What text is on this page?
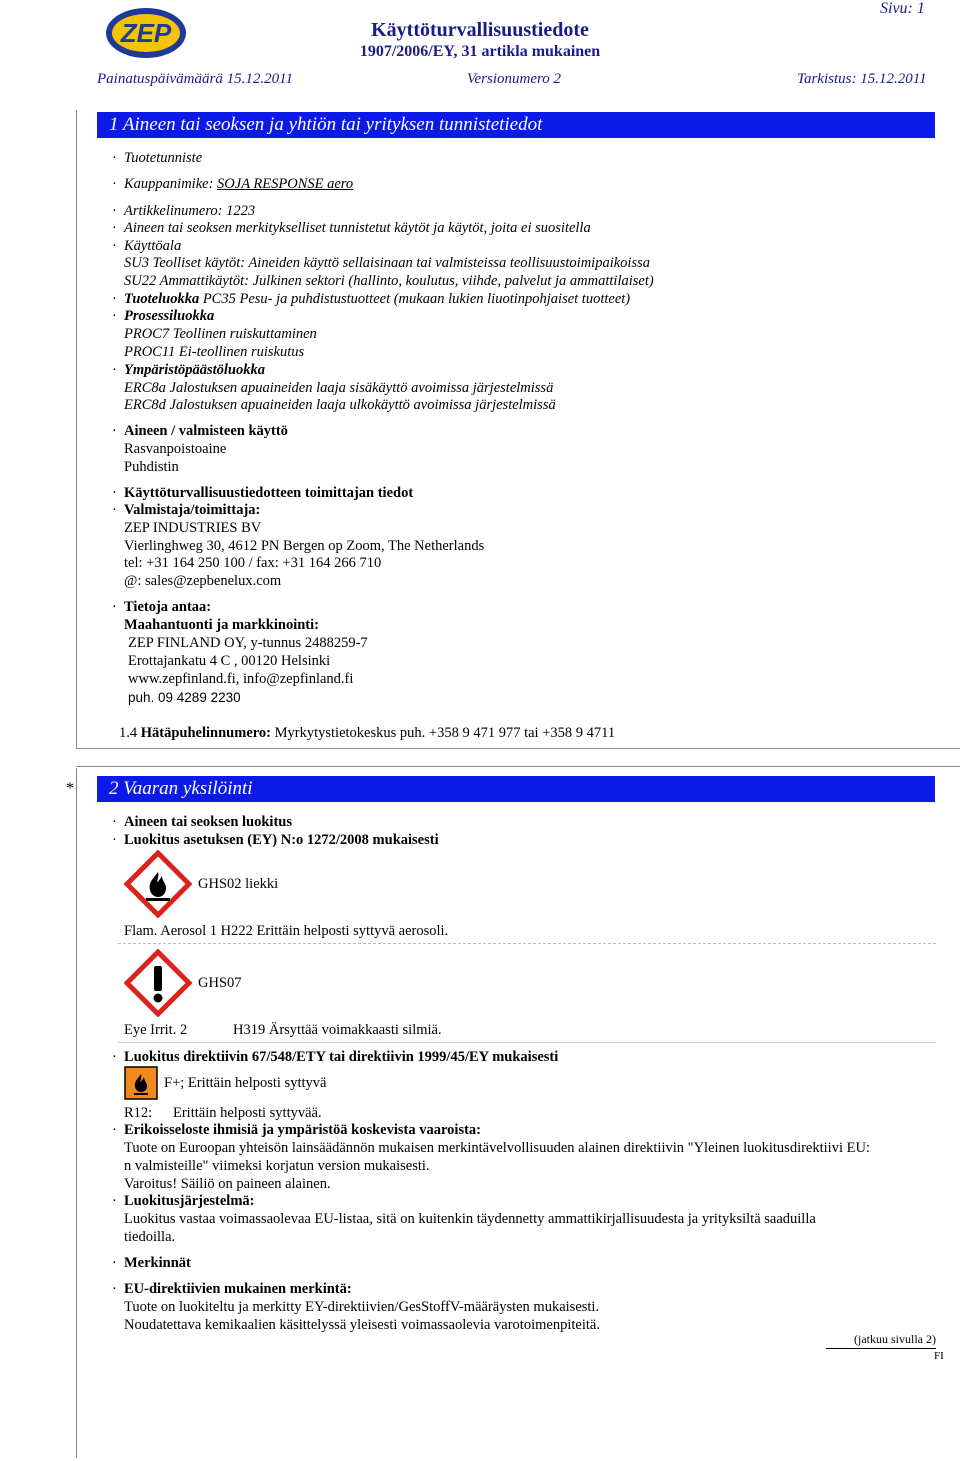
ZEP	Käyttöturvallisuustiedote
1907/2006/EY, 31 artikla mukainen
Sivu: 1
Painatuspäivämäärä 15.12.2011	Versionumero 2	Tarkistus: 15.12.2011
1 Aineen tai seoksen ja yhtiön tai yrityksen tunnistetiedot
· Tuotetunniste
· Kauppanimike: SOJA RESPONSE aero
· Artikkelinumero: 1223
· Aineen tai seoksen merkitykselliset tunnistetut käytöt ja käytöt, joita ei suositella
· Käyttöala
SU3 Teolliset käytöt: Aineiden käyttö sellaisinaan tai valmisteissa teollisuustoimipaikoissa
SU22 Ammattikäytöt: Julkinen sektori (hallinto, koulutus, viihde, palvelut ja ammattilaiset)
· Tuoteluokka PC35 Pesu- ja puhdistustuotteet (mukaan lukien liuotinpohjaiset tuotteet)
· Prosessiluokka
PROC7 Teollinen ruiskuttaminen
PROC11 Ei-teollinen ruiskutus
· Ympäristöpäästöluokka
ERC8a Jalostuksen apuaineiden laaja sisäkäyttö avoimissa järjestelmissä
ERC8d Jalostuksen apuaineiden laaja ulkokäyttö avoimissa järjestelmissä
· Aineen / valmisteen käyttö
Rasvanpoistoaine
Puhdistin
· Käyttöturvallisuustiedotteen toimittajan tiedot
· Valmistaja/toimittaja:
ZEP INDUSTRIES BV
Vierlinghweg 30, 4612 PN Bergen op Zoom, The Netherlands
tel: +31 164 250 100 / fax: +31 164 266 710
@: sales@zepbenelux.com
· Tietoja antaa:
Maahantuonti ja markkinointi:
ZEP FINLAND OY, y-tunnus 2488259-7
Erottajankatu 4 C , 00120 Helsinki
www.zepfinland.fi, info@zepfinland.fi
puh. 09 4289 2230
1.4 Hätäpuhelinnumero: Myrkytystietokeskus puh. +358 9 471 977 tai +358 9 4711
*	2 Vaaran yksilöinti
· Aineen tai seoksen luokitus
· Luokitus asetuksen (EY) N:o 1272/2008 mukaisesti
GHS02 liekki
Flam. Aerosol 1 H222 Erittäin helposti syttyvä aerosoli.
GHS07
Eye Irrit. 2	H319 Ärsyttää voimakkaasti silmiä.
· Luokitus direktiivin 67/548/ETY tai direktiivin 1999/45/EY mukaisesti
F+; Erittäin helposti syttyvä
R12: Erittäin helposti syttyvää.
· Erikoisseloste ihmisiä ja ympäristöä koskevista vaaroista:
Tuote on Euroopan yhteisön lainsäädännön mukaisen merkintävelvollisuuden alainen direktiivin "Yleinen luokitusdirektiivi EU:
n valmisteille" viimeksi korjatun version mukaisesti.
Varoitus! Säiliö on paineen alainen.
· Luokitusjärjestelmä:
Luokitus vastaa voimassaolevaa EU-listaa, sitä on kuitenkin täydennetty ammattikirjallisuudesta ja yrityksiltä saaduilla
tiedoilla.
· Merkinnät
· EU-direktiivien mukainen merkintä:
Tuote on luokiteltu ja merkitty EY-direktiivien/GesStoffV-määräysten mukaisesti.
Noudatettava kemikaalien käsittelyssä yleisesti voimassaolevia varotoimenpiteitä.
(jatkuu sivulla 2)
FI
